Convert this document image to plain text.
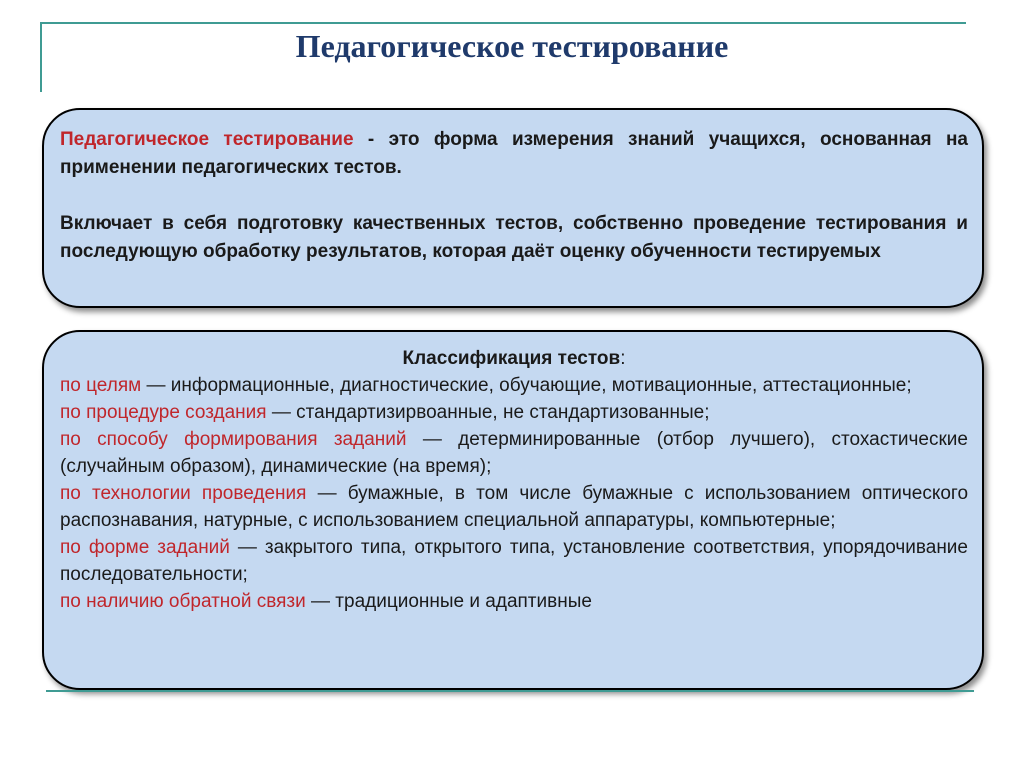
Педагогическое тестирование

Педагогическое тестирование - это форма измерения знаний учащихся, основанная на применении педагогических тестов.

Включает в себя подготовку качественных тестов, собственно проведение тестирования и последующую обработку результатов, которая даёт оценку обученности тестируемых

Классификация тестов:

по целям — информационные, диагностические, обучающие, мотивационные, аттестационные;

по процедуре создания — стандартизирвоанные, не стандартизованные;

по способу формирования заданий — детерминированные (отбор лучшего), стохастические (случайным образом), динамические (на время);

по технологии проведения — бумажные, в том числе бумажные с использованием оптического распознавания, натурные, с использованием специальной аппаратуры, компьютерные;

по форме заданий — закрытого типа, открытого типа, установление соответствия, упорядочивание последовательности;

по наличию обратной связи — традиционные и адаптивные
